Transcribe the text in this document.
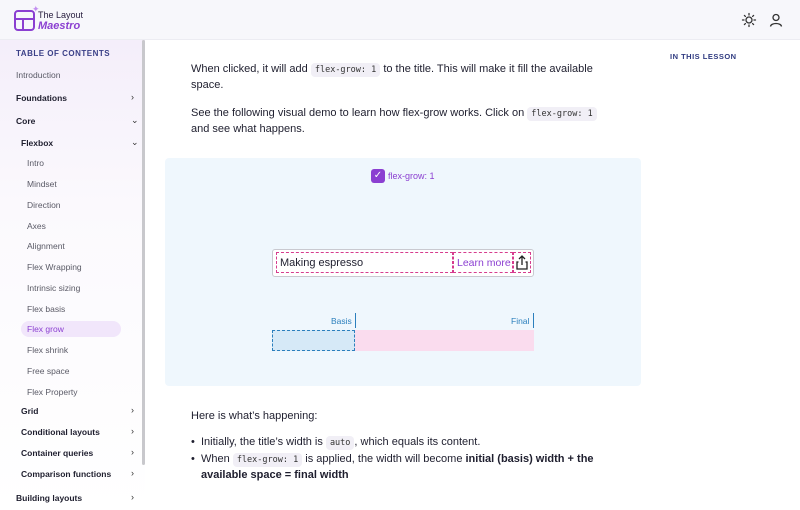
✦
The Layout
Maestro
TABLE OF CONTENTS
Introduction
Foundations	›
Core	⌄
Flexbox	⌄
Intro
Mindset
Direction
Axes
Alignment
Flex Wrapping
Intrinsic sizing
Flex basis
Flex grow
Flex shrink
Free space
Flex Property
Grid	›
Conditional layouts	›
Container queries	›
Comparison functions ›
Building layouts	›
IN THIS LESSON
When clicked, it will add flex-grow: 1 to the title. This will make it fill the available
space.
See the following visual demo to learn how flex-grow works. Click on flex-grow: 1
and see what happens.
✓ flex-grow: 1
Making espresso	Learn more
Basis	Final
Here is what’s happening:
• Initially, the title’s width is auto , which equals its content.
• When flex-grow: 1 is applied, the width will become initial (basis) width + the
available space = final width
